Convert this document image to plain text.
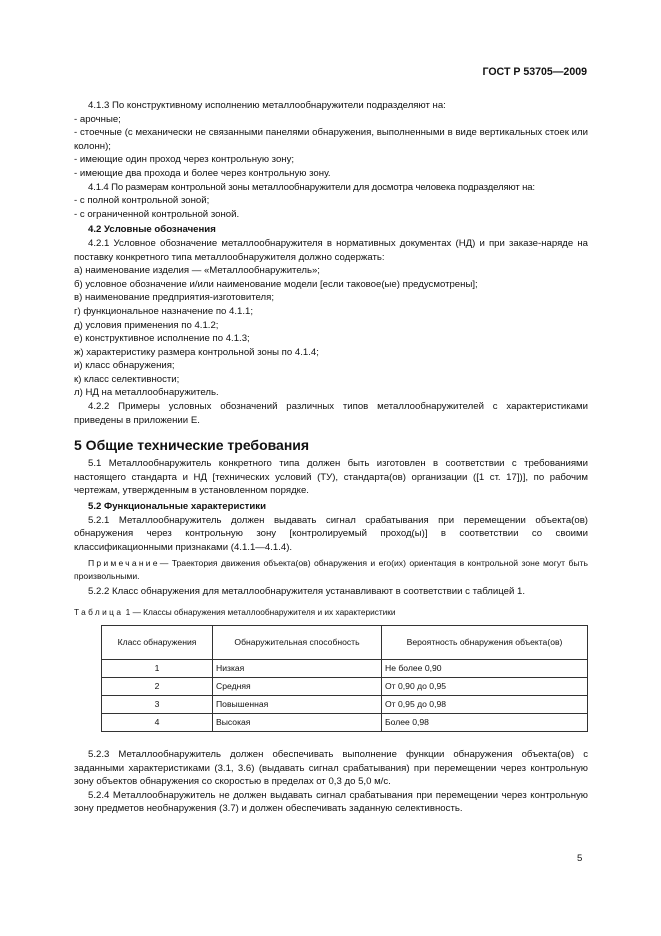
ГОСТ Р 53705—2009

4.1.3 По конструктивному исполнению металлообнаружители подразделяют на:

- арочные;

- стоечные (с механически не связанными панелями обнаружения, выполненными в виде вертикальных стоек или колонн);

- имеющие один проход через контрольную зону;

- имеющие два прохода и более через контрольную зону.

4.1.4 По размерам контрольной зоны металлообнаружители для досмотра человека подразделяют на:

- с полной контрольной зоной;

- с ограниченной контрольной зоной.

4.2 Условные обозначения

4.2.1 Условное обозначение металлообнаружителя в нормативных документах (НД) и при заказе-наряде на поставку конкретного типа металлообнаружителя должно содержать:

а) наименование изделия — «Металлообнаружитель»;

б) условное обозначение и/или наименование модели [если таковое(ые) предусмотрены];

в) наименование предприятия-изготовителя;

г) функциональное назначение по 4.1.1;

д) условия применения по 4.1.2;

е) конструктивное исполнение по 4.1.3;

ж) характеристику размера контрольной зоны по 4.1.4;

и) класс обнаружения;

к) класс селективности;

л) НД на металлообнаружитель.

4.2.2 Примеры условных обозначений различных типов металлообнаружителей с характеристиками приведены в приложении Е.

5 Общие технические требования

5.1 Металлообнаружитель конкретного типа должен быть изготовлен в соответствии с требованиями настоящего стандарта и НД [технических условий (ТУ), стандарта(ов) организации ([1 ст. 17])], по рабочим чертежам, утвержденным в установленном порядке.

5.2 Функциональные характеристики

5.2.1 Металлообнаружитель должен выдавать сигнал срабатывания при перемещении объекта(ов) обнаружения через контрольную зону [контролируемый проход(ы)] в соответствии со своими классификационными признаками (4.1.1—4.1.4).

Примечание— Траектория движения объекта(ов) обнаружения и его(их) ориентация в контрольной зоне могут быть произвольными.

5.2.2 Класс обнаружения для металлообнаружителя устанавливают в соответствии с таблицей 1.

Таблица 1 — Классы обнаружения металлообнаружителя и их характеристики
Класс обнаружения	Обнаружительная способность	Вероятность обнаружения объекта(ов)
1	Низкая	Не более 0,90
2	Средняя	От 0,90 до 0,95
3	Повышенная	От 0,95 до 0,98
4	Высокая	Более 0,98

5.2.3 Металлообнаружитель должен обеспечивать выполнение функции обнаружения объекта(ов) с заданными характеристиками (3.1, 3.6) (выдавать сигнал срабатывания) при перемещении через контрольную зону объектов обнаружения со скоростью в пределах от 0,3 до 5,0 м/с.

5.2.4 Металлообнаружитель не должен выдавать сигнал срабатывания при перемещении через контрольную зону предметов необнаружения (3.7) и должен обеспечивать заданную селективность.

5
